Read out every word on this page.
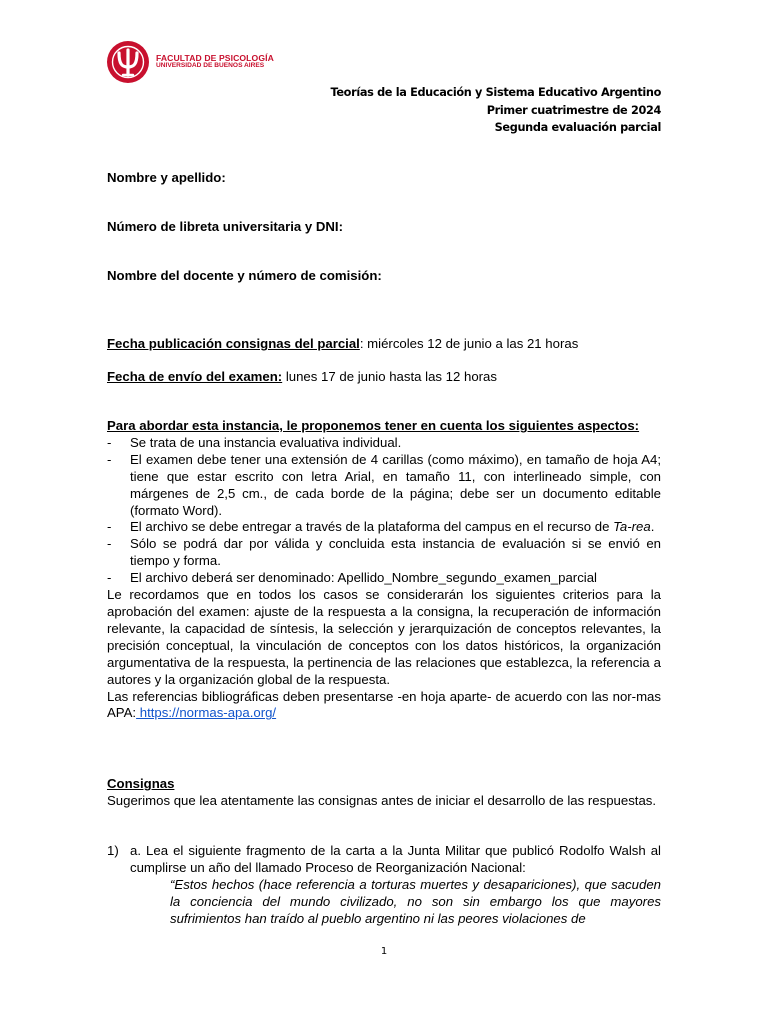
FACULTAD DE PSICOLOGÍA
UNIVERSIDAD DE BUENOS AIRES
Teorías de la Educación y Sistema Educativo Argentino
Primer cuatrimestre de 2024
Segunda evaluación parcial
Nombre y apellido:
Número de libreta universitaria y DNI:
Nombre del docente y número de comisión:
Fecha publicación consignas del parcial: miércoles 12 de junio a las 21 horas
Fecha de envío del examen: lunes 17 de junio hasta las 12 horas
Para abordar esta instancia, le proponemos tener en cuenta los siguientes aspectos:
- Se trata de una instancia evaluativa individual.
- El examen debe tener una extensión de 4 carillas (como máximo), en tamaño de hoja A4; tiene que estar escrito con letra Arial, en tamaño 11, con interlineado simple, con márgenes de 2,5 cm., de cada borde de la página; debe ser un documento editable (formato Word).
- El archivo se debe entregar a través de la plataforma del campus en el recurso de Ta-rea.
- Sólo se podrá dar por válida y concluida esta instancia de evaluación si se envió en tiempo y forma.
- El archivo deberá ser denominado: Apellido_Nombre_segundo_examen_parcial
Le recordamos que en todos los casos se considerarán los siguientes criterios para la aprobación del examen: ajuste de la respuesta a la consigna, la recuperación de información relevante, la capacidad de síntesis, la selección y jerarquización de conceptos relevantes, la precisión conceptual, la vinculación de conceptos con los datos históricos, la organización argumentativa de la respuesta, la pertinencia de las relaciones que establezca, la referencia a autores y la organización global de la respuesta.
Las referencias bibliográficas deben presentarse -en hoja aparte- de acuerdo con las nor-mas APA: https://normas-apa.org/
Consignas
Sugerimos que lea atentamente las consignas antes de iniciar el desarrollo de las respuestas.
1) a. Lea el siguiente fragmento de la carta a la Junta Militar que publicó Rodolfo Walsh al cumplirse un año del llamado Proceso de Reorganización Nacional:
“Estos hechos (hace referencia a torturas muertes y desapariciones), que sacuden la conciencia del mundo civilizado, no son sin embargo los que mayores sufrimientos han traído al pueblo argentino ni las peores violaciones de
1
